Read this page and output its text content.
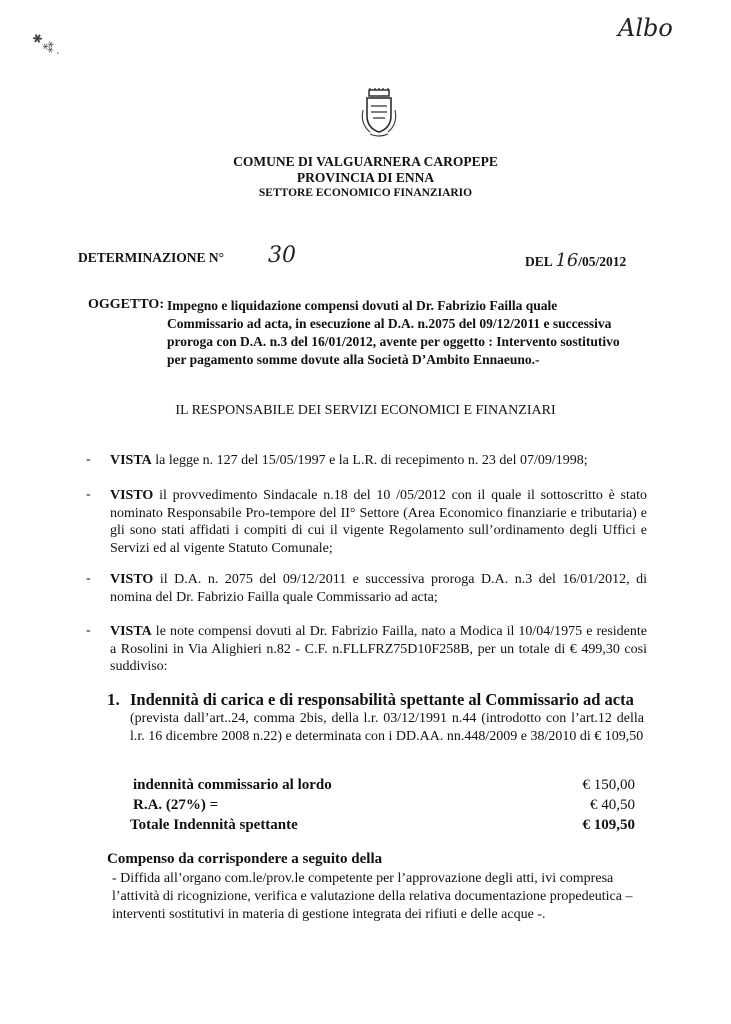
Albo
✱ ⁂ ·
COMUNE DI VALGUARNERA CAROPEPE
PROVINCIA DI ENNA
SETTORE ECONOMICO FINANZIARIO
DETERMINAZIONE N° 30	DEL 16/05/2012
OGGETTO: Impegno e liquidazione compensi dovuti al Dr. Fabrizio Failla quale
Commissario ad acta, in esecuzione al D.A. n.2075 del 09/12/2011 e successiva
proroga con D.A. n.3 del 16/01/2012, avente per oggetto : Intervento sostitutivo
per pagamento somme dovute alla Società D’Ambito Ennaeuno.-
IL RESPONSABILE DEI SERVIZI ECONOMICI E FINANZIARI
- VISTA la legge n. 127 del 15/05/1997 e la L.R. di recepimento n. 23 del 07/09/1998;
- VISTO il provvedimento Sindacale n.18 del 10 /05/2012 con il quale il sottoscritto è stato nominato Responsabile Pro-tempore del II° Settore (Area Economico finanziarie e tributaria) e gli sono stati affidati i compiti di cui il vigente Regolamento sull’ordinamento degli Uffici e Servizi ed al vigente Statuto Comunale;
- VISTO il D.A. n. 2075 del 09/12/2011 e successiva proroga D.A. n.3 del 16/01/2012, di nomina del Dr. Fabrizio Failla quale Commissario ad acta;
- VISTA le note compensi dovuti al Dr. Fabrizio Failla, nato a Modica il 10/04/1975 e residente a Rosolini in Via Alighieri n.82 - C.F. n.FLLFRZ75D10F258B, per un totale di € 499,30 cosi suddiviso:
1. Indennità di carica e di responsabilità spettante al Commissario ad acta
(prevista dall’art..24, comma 2bis, della l.r. 03/12/1991 n.44 (introdotto con l’art.12 della l.r. 16 dicembre 2008 n.22) e determinata con i DD.AA. nn.448/2009 e 38/2010 di € 109,50
indennità commissario al lordo	€ 150,00
R.A. (27%) =	€ 40,50
Totale Indennità spettante	€ 109,50
Compenso da corrispondere a seguito della
- Diffida all’organo com.le/prov.le competente per l’approvazione degli atti, ivi compresa
l’attività di ricognizione, verifica e valutazione della relativa documentazione propedeutica –
interventi sostitutivi in materia di gestione integrata dei rifiuti e delle acque -.
